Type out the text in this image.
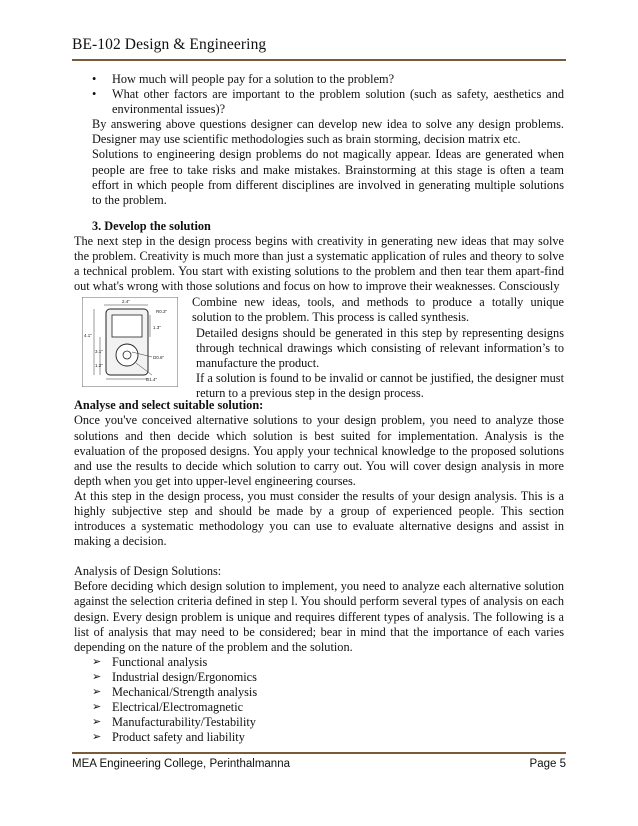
BE-102 Design & Engineering
• How much will people pay for a solution to the problem?
• What other factors are important to the problem solution (such as safety, aesthetics and environmental issues)?
By answering above questions designer can develop new idea to solve any design problems. Designer may use scientific methodologies such as brain storming, decision matrix etc.
Solutions to engineering design problems do not magically appear. Ideas are generated when people are free to take risks and make mistakes. Brainstorming at this stage is often a team effort in which people from different disciplines are involved in generating multiple solutions to the problem.
3. Develop the solution
The next step in the design process begins with creativity in generating new ideas that may solve the problem. Creativity is much more than just a systematic application of rules and theory to solve a technical problem. You start with existing solutions to the problem and then tear them apart-find out what's wrong with those solutions and focus on how to improve their weaknesses. Consciously
2.4"
R0.3"
4.1"
3.1"
1.2"
1.3"
D0.6"
D1.4"

Combine new ideas, tools, and methods to produce a totally unique solution to the problem. This process is called synthesis.

Detailed designs should be generated in this step by representing designs through technical drawings which consisting of relevant information’s to manufacture the product.

If a solution is found to be invalid or cannot be justified, the designer must return to a previous step in the design process.

Analyse and select suitable solution:

Once you've conceived alternative solutions to your design problem, you need to analyze those solutions and then decide which solution is best suited for implementation. Analysis is the evaluation of the proposed designs. You apply your technical knowledge to the proposed solutions and use the results to decide which solution to carry out. You will cover design analysis in more depth when you get into upper-level engineering courses.

At this step in the design process, you must consider the results of your design analysis. This is a highly subjective step and should be made by a group of experienced people. This section introduces a systematic methodology you can use to evaluate alternative designs and assist in making a decision.

Analysis of Design Solutions:

Before deciding which design solution to implement, you need to analyze each alternative solution against the selection criteria defined in step l. You should perform several types of analysis on each design. Every design problem is unique and requires different types of analysis. The following is a list of analysis that may need to be considered; bear in mind that the importance of each varies depending on the nature of the problem and the solution.

➢ Functional analysis
➢ Industrial design/Ergonomics
➢ Mechanical/Strength analysis
➢ Electrical/Electromagnetic
➢ Manufacturability/Testability
➢ Product safety and liability
MEA Engineering College, Perinthalmanna	Page 5
